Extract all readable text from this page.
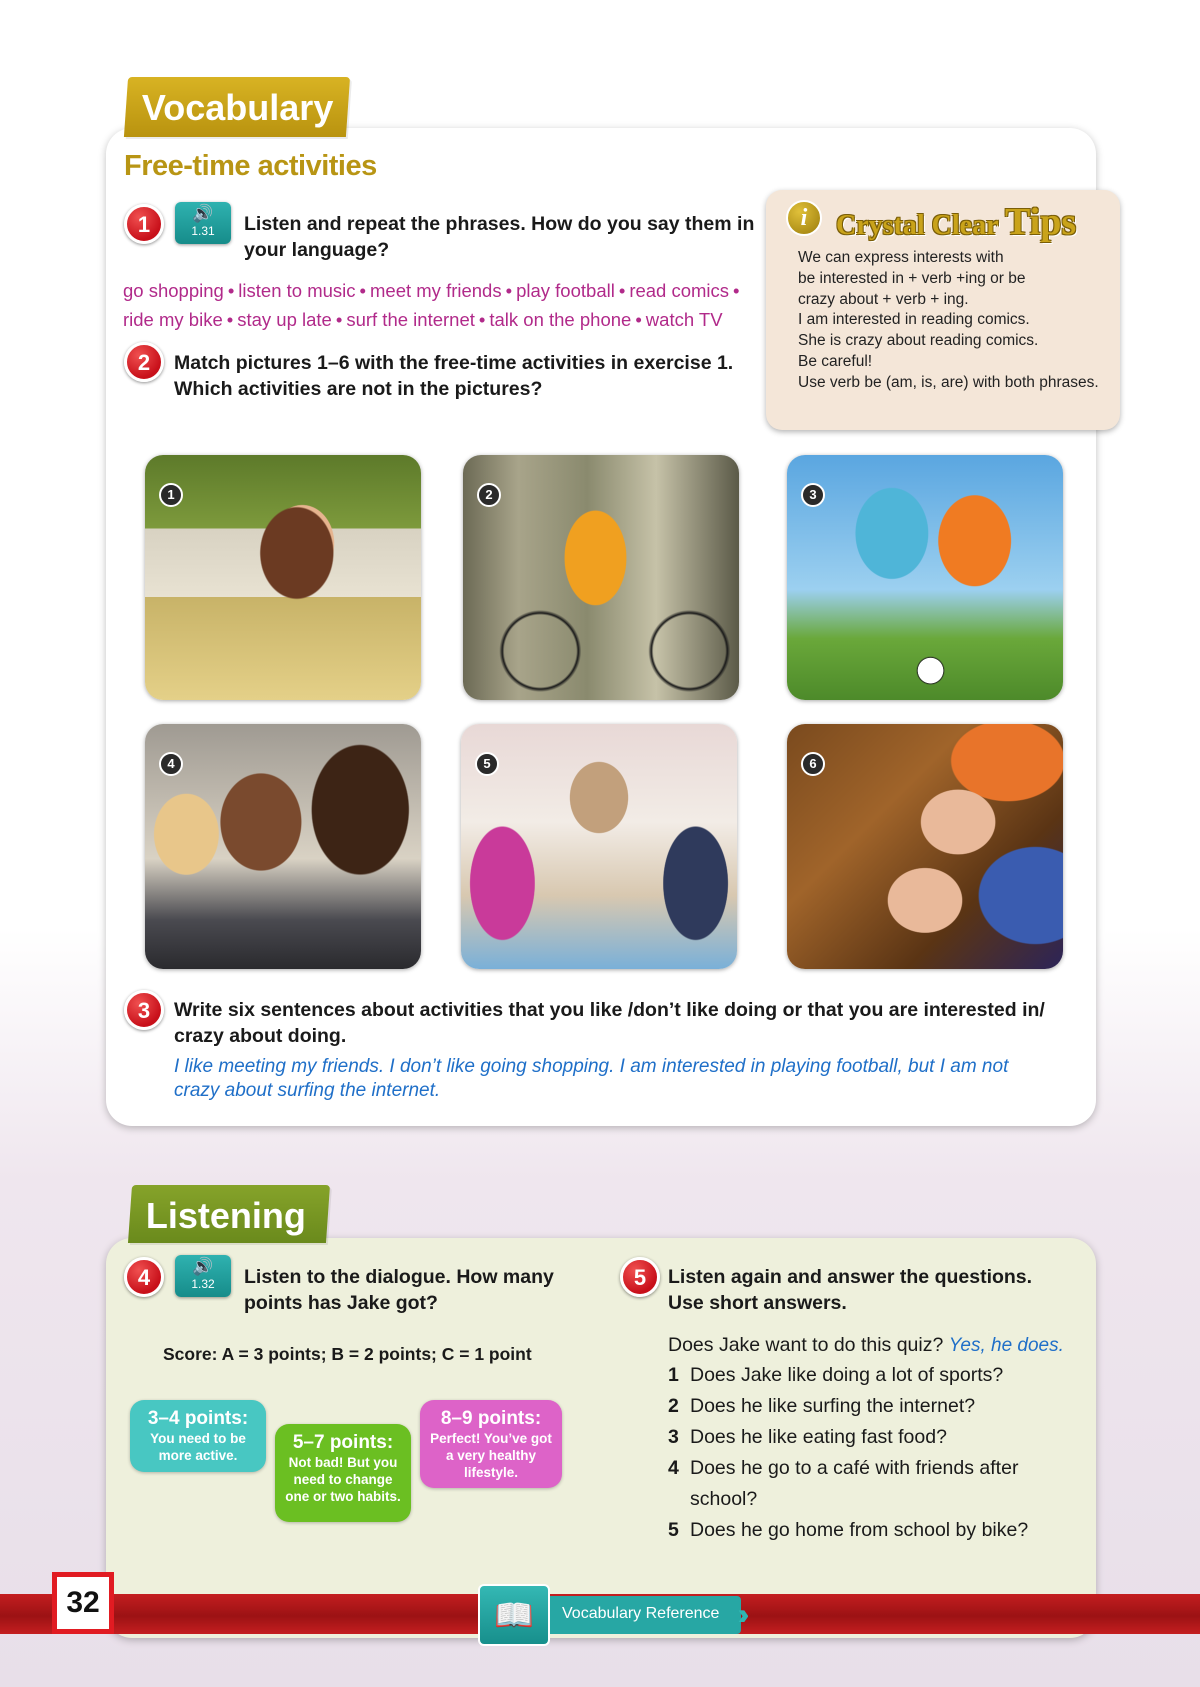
Vocabulary
Free-time activities
1	🔊
1.31	Listen and repeat the phrases. How do you say them in your language?
go shopping • listen to music • meet my friends • play football • read comics •
ride my bike • stay up late • surf the internet • talk on the phone • watch TV
2	Match pictures 1–6 with the free-time activities in exercise 1.
Which activities are not in the pictures?
i	Crystal Clear Tips
We can express interests with
be interested in + verb +ing or be
crazy about + verb + ing.
I am interested in reading comics.
She is crazy about reading comics.
Be careful!
Use verb be (am, is, are) with both phrases.
1	2	3
4	5	6
3	Write six sentences about activities that you like /don’t like doing or that you are interested in/
crazy about doing.
I like meeting my friends. I don’t like going shopping. I am interested in playing football, but I am not
crazy about surfing the internet.
Listening
4	🔊
1.32	Listen to the dialogue. How many
points has Jake got?
Score: A = 3 points; B = 2 points; C = 1 point
3–4 points:
You need to be
more active.
5–7 points:
Not bad! But you
need to change
one or two habits.
8–9 points:
Perfect! You’ve got
a very healthy
lifestyle.
5	Listen again and answer the questions.
Use short answers.
Does Jake want to do this quiz? Yes, he does.
1 Does Jake like doing a lot of sports?
2 Does he like surfing the internet?
3 Does he like eating fast food?
4 Does he go to a café with friends after school?
5 Does he go home from school by bike?
32	📖	Vocabulary Reference ››
